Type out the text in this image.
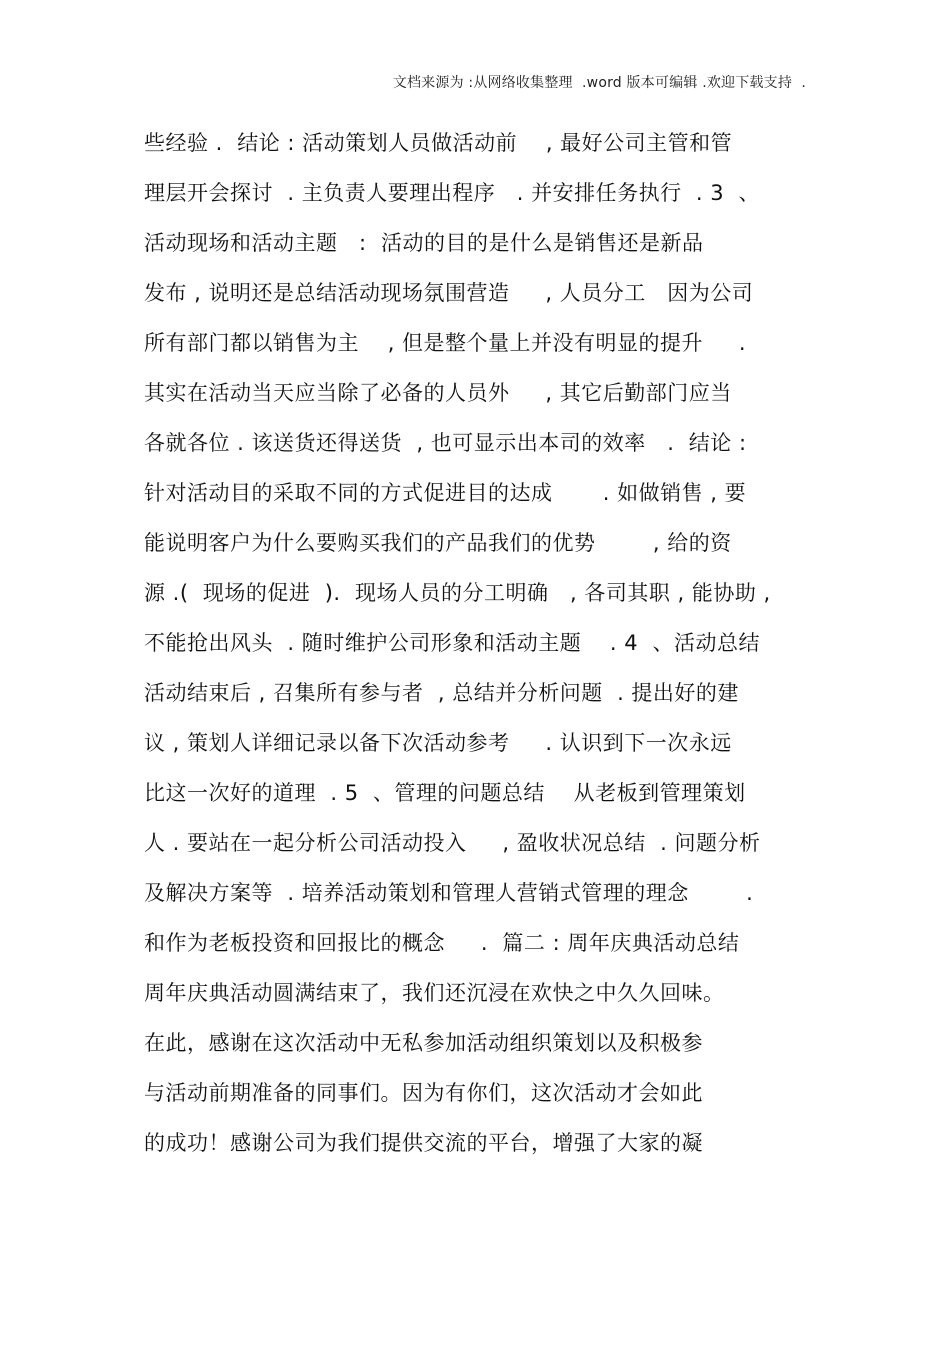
文档来源为 :从网络收集整理  .word 版本可编辑 .欢迎下载支持  .
些经验 .  结论 : 活动策划人员做活动前    , 最好公司主管和管
理层开会探讨  . 主负责人要理出程序   . 并安排任务执行  . 3  、
活动现场和活动主题   :  活动的目的是什么是销售还是新品
发布 , 说明还是总结活动现场氛围营造     , 人员分工   因为公司
所有部门都以销售为主    , 但是整个量上并没有明显的提升     .
其实在活动当天应当除了必备的人员外     , 其它后勤部门应当
各就各位 . 该送货还得送货  , 也可显示出本司的效率   .  结论 :
针对活动目的采取不同的方式促进目的达成       . 如做销售 , 要
能说明客户为什么要购买我们的产品我们的优势        , 给的资
源 .(  现场的促进  ).  现场人员的分工明确   , 各司其职 , 能协助 ,
不能抢出风头  . 随时维护公司形象和活动主题    . 4  、活动总结
活动结束后 , 召集所有参与者  , 总结并分析问题  . 提出好的建
议 , 策划人详细记录以备下次活动参考     . 认识到下一次永远
比这一次好的道理  . 5  、管理的问题总结    从老板到管理策划
人 . 要站在一起分析公司活动投入     , 盈收状况总结  . 问题分析
及解决方案等  . 培养活动策划和管理人营销式管理的理念        .
和作为老板投资和回报比的概念     .  篇二 : 周年庆典活动总结
周年庆典活动圆满结束了，我们还沉浸在欢快之中久久回味。
在此，感谢在这次活动中无私参加活动组织策划以及积极参
与活动前期准备的同事们。因为有你们，这次活动才会如此
的成功！感谢公司为我们提供交流的平台，增强了大家的凝
